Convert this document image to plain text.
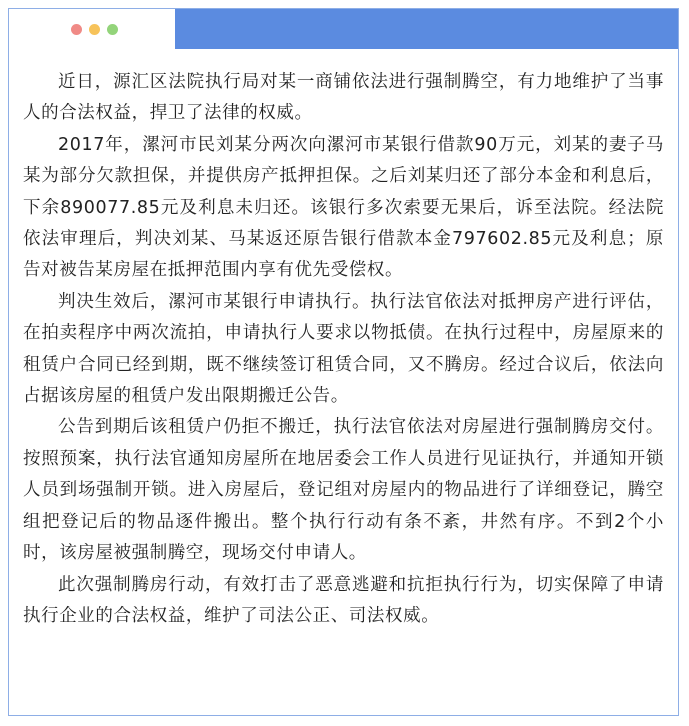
近日，源汇区法院执行局对某一商铺依法进行强制腾空，有力地维护了当事人的合法权益，捍卫了法律的权威。

2017年，漯河市民刘某分两次向漯河市某银行借款90万元，刘某的妻子马某为部分欠款担保，并提供房产抵押担保。之后刘某归还了部分本金和利息后，下余890077.85元及利息未归还。该银行多次索要无果后，诉至法院。经法院依法审理后，判决刘某、马某返还原告银行借款本金797602.85元及利息；原告对被告某房屋在抵押范围内享有优先受偿权。

判决生效后，漯河市某银行申请执行。执行法官依法对抵押房产进行评估，在拍卖程序中两次流拍，申请执行人要求以物抵债。在执行过程中，房屋原来的租赁户合同已经到期，既不继续签订租赁合同，又不腾房。经过合议后，依法向占据该房屋的租赁户发出限期搬迁公告。

公告到期后该租赁户仍拒不搬迁，执行法官依法对房屋进行强制腾房交付。按照预案，执行法官通知房屋所在地居委会工作人员进行见证执行，并通知开锁人员到场强制开锁。进入房屋后，登记组对房屋内的物品进行了详细登记，腾空组把登记后的物品逐件搬出。整个执行行动有条不紊，井然有序。不到2个小时，该房屋被强制腾空，现场交付申请人。

此次强制腾房行动，有效打击了恶意逃避和抗拒执行行为，切实保障了申请执行企业的合法权益，维护了司法公正、司法权威。
